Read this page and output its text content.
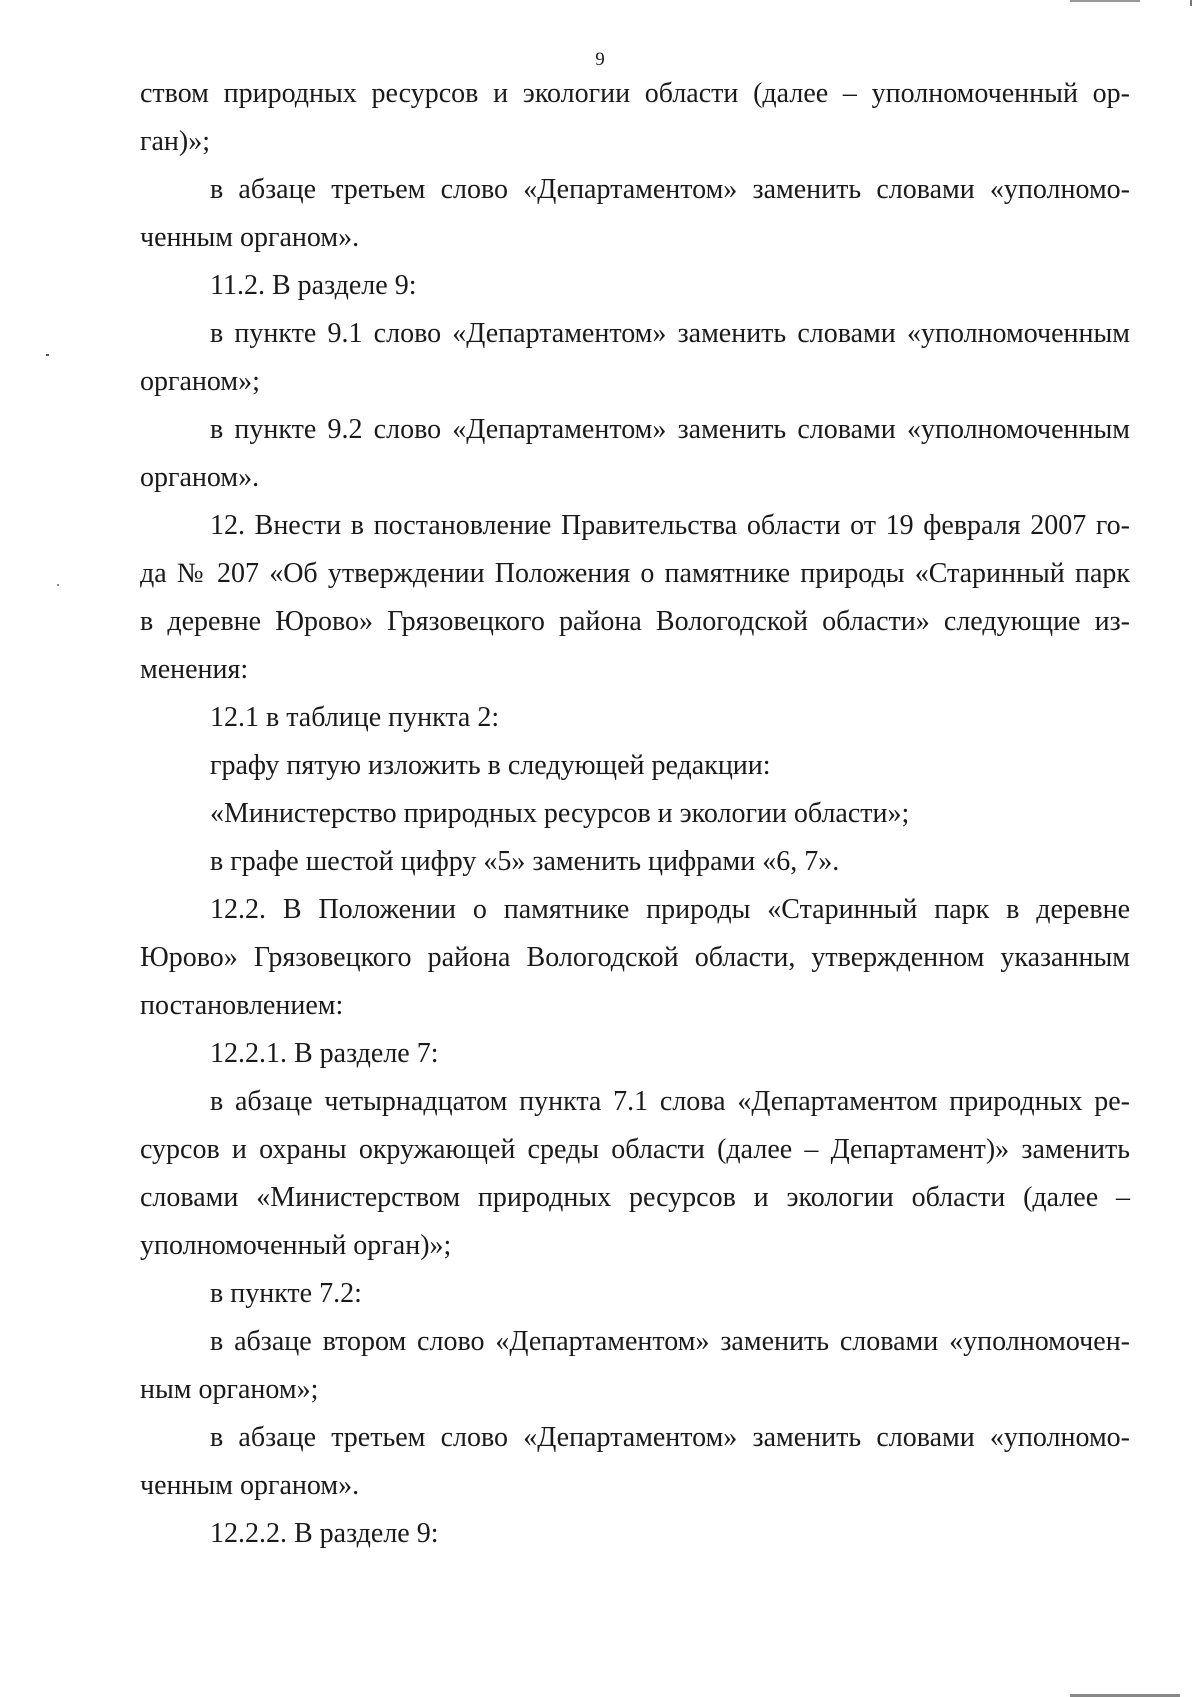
9

ством природных ресурсов и экологии области (далее – уполномоченный ор-

ган)»;

в абзаце третьем слово «Департаментом» заменить словами «уполномо-

ченным органом».

11.2. В разделе 9:

в пункте 9.1 слово «Департаментом» заменить словами «уполномоченным

органом»;

в пункте 9.2 слово «Департаментом» заменить словами «уполномоченным

органом».

12. Внести в постановление Правительства области от 19 февраля 2007 го-

да № 207 «Об утверждении Положения о памятнике природы «Старинный парк

в деревне Юрово» Грязовецкого района Вологодской области» следующие из-

менения:

12.1 в таблице пункта 2:

графу пятую изложить в следующей редакции:

«Министерство природных ресурсов и экологии области»;

в графе шестой цифру «5» заменить цифрами «6, 7».

12.2. В Положении о памятнике природы «Старинный парк в деревне

Юрово» Грязовецкого района Вологодской области, утвержденном указанным

постановлением:

12.2.1. В разделе 7:

в абзаце четырнадцатом пункта 7.1 слова «Департаментом природных ре-

сурсов и охраны окружающей среды области (далее – Департамент)» заменить

словами «Министерством природных ресурсов и экологии области (далее –

уполномоченный орган)»;

в пункте 7.2:

в абзаце втором слово «Департаментом» заменить словами «уполномочен-

ным органом»;

в абзаце третьем слово «Департаментом» заменить словами «уполномо-

ченным органом».

12.2.2. В разделе 9:
